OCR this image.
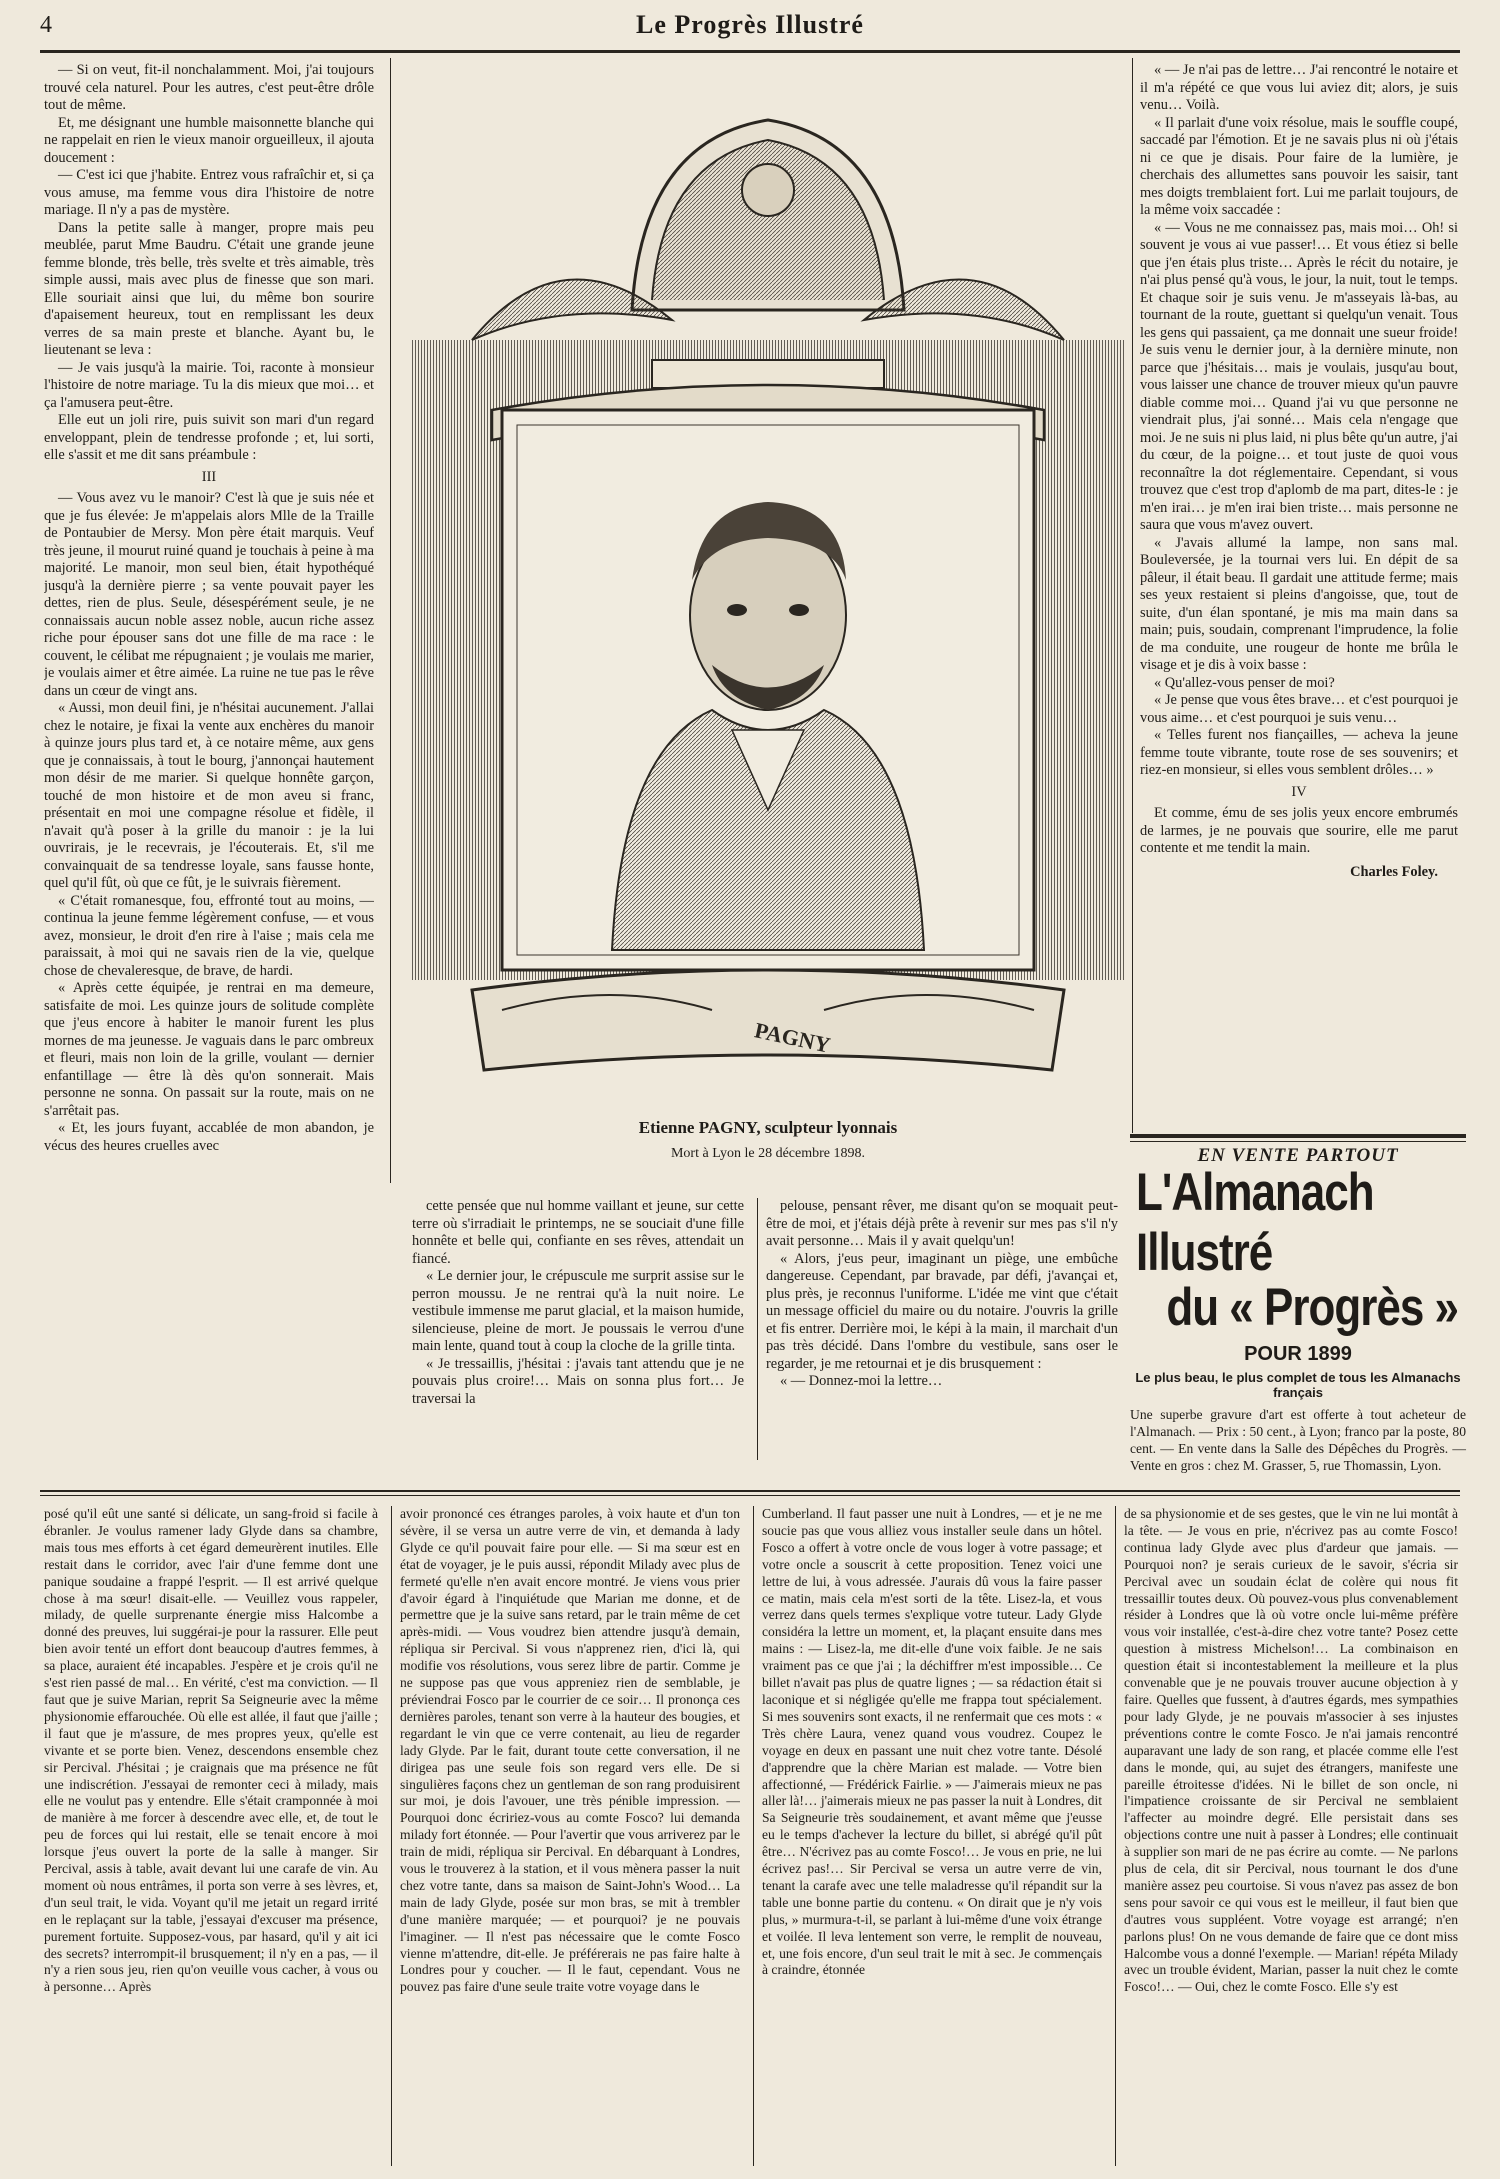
4	Le Progrès Illustré

— Si on veut, fit-il nonchalamment. Moi, j'ai toujours trouvé cela naturel. Pour les autres, c'est peut-être drôle tout de même.

Et, me désignant une humble maisonnette blanche qui ne rappelait en rien le vieux manoir orgueilleux, il ajouta doucement :

— C'est ici que j'habite. Entrez vous rafraîchir et, si ça vous amuse, ma femme vous dira l'histoire de notre mariage. Il n'y a pas de mystère.

Dans la petite salle à manger, propre mais peu meublée, parut Mme Baudru. C'était une grande jeune femme blonde, très belle, très svelte et très aimable, très simple aussi, mais avec plus de finesse que son mari. Elle souriait ainsi que lui, du même bon sourire d'apaisement heureux, tout en remplissant les deux verres de sa main preste et blanche. Ayant bu, le lieutenant se leva :

— Je vais jusqu'à la mairie. Toi, raconte à monsieur l'histoire de notre mariage. Tu la dis mieux que moi… et ça l'amusera peut-être.

Elle eut un joli rire, puis suivit son mari d'un regard enveloppant, plein de tendresse profonde ; et, lui sorti, elle s'assit et me dit sans préambule :

III

— Vous avez vu le manoir? C'est là que je suis née et que je fus élevée: Je m'appelais alors Mlle de la Traille de Pontaubier de Mersy. Mon père était marquis. Veuf très jeune, il mourut ruiné quand je touchais à peine à ma majorité. Le manoir, mon seul bien, était hypothéqué jusqu'à la dernière pierre ; sa vente pouvait payer les dettes, rien de plus. Seule, désespérément seule, je ne connaissais aucun noble assez noble, aucun riche assez riche pour épouser sans dot une fille de ma race : le couvent, le célibat me répugnaient ; je voulais me marier, je voulais aimer et être aimée. La ruine ne tue pas le rêve dans un cœur de vingt ans.

« Aussi, mon deuil fini, je n'hésitai aucunement. J'allai chez le notaire, je fixai la vente aux enchères du manoir à quinze jours plus tard et, à ce notaire même, aux gens que je connaissais, à tout le bourg, j'annonçai hautement mon désir de me marier. Si quelque honnête garçon, touché de mon histoire et de mon aveu si franc, présentait en moi une compagne résolue et fidèle, il n'avait qu'à poser à la grille du manoir : je la lui ouvrirais, je le recevrais, je l'écouterais. Et, s'il me convainquait de sa tendresse loyale, sans fausse honte, quel qu'il fût, où que ce fût, je le suivrais fièrement.

« C'était romanesque, fou, effronté tout au moins, — continua la jeune femme légèrement confuse, — et vous avez, monsieur, le droit d'en rire à l'aise ; mais cela me paraissait, à moi qui ne savais rien de la vie, quelque chose de chevaleresque, de brave, de hardi.

« Après cette équipée, je rentrai en ma demeure, satisfaite de moi. Les quinze jours de solitude complète que j'eus encore à habiter le manoir furent les plus mornes de ma jeunesse. Je vaguais dans le parc ombreux et fleuri, mais non loin de la grille, voulant — dernier enfantillage — être là dès qu'on sonnerait. Mais personne ne sonna. On passait sur la route, mais on ne s'arrêtait pas.

« Et, les jours fuyant, accablée de mon abandon, je vécus des heures cruelles avec

PAGNY
Etienne PAGNY, sculpteur lyonnais
Mort à Lyon le 28 décembre 1898.

cette pensée que nul homme vaillant et jeune, sur cette terre où s'irradiait le printemps, ne se souciait d'une fille honnête et belle qui, confiante en ses rêves, attendait un fiancé.

« Le dernier jour, le crépuscule me surprit assise sur le perron moussu. Je ne rentrai qu'à la nuit noire. Le vestibule immense me parut glacial, et la maison humide, silencieuse, pleine de mort. Je poussais le verrou d'une main lente, quand tout à coup la cloche de la grille tinta.

« Je tressaillis, j'hésitai : j'avais tant attendu que je ne pouvais plus croire!… Mais on sonna plus fort… Je traversai la

pelouse, pensant rêver, me disant qu'on se moquait peut-être de moi, et j'étais déjà prête à revenir sur mes pas s'il n'y avait personne… Mais il y avait quelqu'un!

« Alors, j'eus peur, imaginant un piège, une embûche dangereuse. Cependant, par bravade, par défi, j'avançai et, plus près, je reconnus l'uniforme. L'idée me vint que c'était un message officiel du maire ou du notaire. J'ouvris la grille et fis entrer. Derrière moi, le képi à la main, il marchait d'un pas très décidé. Dans l'ombre du vestibule, sans oser le regarder, je me retournai et je dis brusquement :

« — Donnez-moi la lettre…

« — Je n'ai pas de lettre… J'ai rencontré le notaire et il m'a répété ce que vous lui aviez dit; alors, je suis venu… Voilà.

« Il parlait d'une voix résolue, mais le souffle coupé, saccadé par l'émotion. Et je ne savais plus ni où j'étais ni ce que je disais. Pour faire de la lumière, je cherchais des allumettes sans pouvoir les saisir, tant mes doigts tremblaient fort. Lui me parlait toujours, de la même voix saccadée :

« — Vous ne me connaissez pas, mais moi… Oh! si souvent je vous ai vue passer!… Et vous étiez si belle que j'en étais plus triste… Après le récit du notaire, je n'ai plus pensé qu'à vous, le jour, la nuit, tout le temps. Et chaque soir je suis venu. Je m'asseyais là-bas, au tournant de la route, guettant si quelqu'un venait. Tous les gens qui passaient, ça me donnait une sueur froide! Je suis venu le dernier jour, à la dernière minute, non parce que j'hésitais… mais je voulais, jusqu'au bout, vous laisser une chance de trouver mieux qu'un pauvre diable comme moi… Quand j'ai vu que personne ne viendrait plus, j'ai sonné… Mais cela n'engage que moi. Je ne suis ni plus laid, ni plus bête qu'un autre, j'ai du cœur, de la poigne… et tout juste de quoi vous reconnaître la dot réglementaire. Cependant, si vous trouvez que c'est trop d'aplomb de ma part, dites-le : je m'en irai… je m'en irai bien triste… mais personne ne saura que vous m'avez ouvert.

« J'avais allumé la lampe, non sans mal. Bouleversée, je la tournai vers lui. En dépit de sa pâleur, il était beau. Il gardait une attitude ferme; mais ses yeux restaient si pleins d'angoisse, que, tout de suite, d'un élan spontané, je mis ma main dans sa main; puis, soudain, comprenant l'imprudence, la folie de ma conduite, une rougeur de honte me brûla le visage et je dis à voix basse :

« Qu'allez-vous penser de moi?

« Je pense que vous êtes brave… et c'est pourquoi je vous aime… et c'est pourquoi je suis venu…

« Telles furent nos fiançailles, — acheva la jeune femme toute vibrante, toute rose de ses souvenirs; et riez-en monsieur, si elles vous semblent drôles… »

IV

Et comme, ému de ses jolis yeux encore embrumés de larmes, je ne pouvais que sourire, elle me parut contente et me tendit la main.

Charles Foley.

EN VENTE PARTOUT
L'Almanach Illustré
du « Progrès »
POUR 1899
Le plus beau, le plus complet de tous les Almanachs français
Une superbe gravure d'art est offerte à tout acheteur de l'Almanach. — Prix : 50 cent., à Lyon; franco par la poste, 80 cent. — En vente dans la Salle des Dépêches du Progrès. — Vente en gros : chez M. Grasser, 5, rue Thomassin, Lyon.
posé qu'il eût une santé si délicate, un sang-froid si facile à ébranler. Je voulus ramener lady Glyde dans sa chambre, mais tous mes efforts à cet égard demeurèrent inutiles. Elle restait dans le corridor, avec l'air d'une femme dont une panique soudaine a frappé l'esprit. — Il est arrivé quelque chose à ma sœur! disait-elle. — Veuillez vous rappeler, milady, de quelle surprenante énergie miss Halcombe a donné des preuves, lui suggérai-je pour la rassurer. Elle peut bien avoir tenté un effort dont beaucoup d'autres femmes, à sa place, auraient été incapables. J'espère et je crois qu'il ne s'est rien passé de mal… En vérité, c'est ma conviction. — Il faut que je suive Marian, reprit Sa Seigneurie avec la même physionomie effarouchée. Où elle est allée, il faut que j'aille ; il faut que je m'assure, de mes propres yeux, qu'elle est vivante et se porte bien. Venez, descendons ensemble chez sir Percival. J'hésitai ; je craignais que ma présence ne fût une indiscrétion. J'essayai de remonter ceci à milady, mais elle ne voulut pas y entendre. Elle s'était cramponnée à moi de manière à me forcer à descendre avec elle, et, de tout le peu de forces qui lui restait, elle se tenait encore à moi lorsque j'eus ouvert la porte de la salle à manger. Sir Percival, assis à table, avait devant lui une carafe de vin. Au moment où nous entrâmes, il porta son verre à ses lèvres, et, d'un seul trait, le vida. Voyant qu'il me jetait un regard irrité en le replaçant sur la table, j'essayai d'excuser ma présence, purement fortuite. Supposez-vous, par hasard, qu'il y ait ici des secrets? interrompit-il brusquement; il n'y en a pas, — il n'y a rien sous jeu, rien qu'on veuille vous cacher, à vous ou à personne… Après
avoir prononcé ces étranges paroles, à voix haute et d'un ton sévère, il se versa un autre verre de vin, et demanda à lady Glyde ce qu'il pouvait faire pour elle. — Si ma sœur est en état de voyager, je le puis aussi, répondit Milady avec plus de fermeté qu'elle n'en avait encore montré. Je viens vous prier d'avoir égard à l'inquiétude que Marian me donne, et de permettre que je la suive sans retard, par le train même de cet après-midi. — Vous voudrez bien attendre jusqu'à demain, répliqua sir Percival. Si vous n'apprenez rien, d'ici là, qui modifie vos résolutions, vous serez libre de partir. Comme je ne suppose pas que vous appreniez rien de semblable, je préviendrai Fosco par le courrier de ce soir… Il prononça ces dernières paroles, tenant son verre à la hauteur des bougies, et regardant le vin que ce verre contenait, au lieu de regarder lady Glyde. Par le fait, durant toute cette conversation, il ne dirigea pas une seule fois son regard vers elle. De si singulières façons chez un gentleman de son rang produisirent sur moi, je dois l'avouer, une très pénible impression. — Pourquoi donc écririez-vous au comte Fosco? lui demanda milady fort étonnée. — Pour l'avertir que vous arriverez par le train de midi, répliqua sir Percival. En débarquant à Londres, vous le trouverez à la station, et il vous mènera passer la nuit chez votre tante, dans sa maison de Saint-John's Wood… La main de lady Glyde, posée sur mon bras, se mit à trembler d'une manière marquée; — et pourquoi? je ne pouvais l'imaginer. — Il n'est pas nécessaire que le comte Fosco vienne m'attendre, dit-elle. Je préférerais ne pas faire halte à Londres pour y coucher. — Il le faut, cependant. Vous ne pouvez pas faire d'une seule traite votre voyage dans le
Cumberland. Il faut passer une nuit à Londres, — et je ne me soucie pas que vous alliez vous installer seule dans un hôtel. Fosco a offert à votre oncle de vous loger à votre passage; et votre oncle a souscrit à cette proposition. Tenez voici une lettre de lui, à vous adressée. J'aurais dû vous la faire passer ce matin, mais cela m'est sorti de la tête. Lisez-la, et vous verrez dans quels termes s'explique votre tuteur. Lady Glyde considéra la lettre un moment, et, la plaçant ensuite dans mes mains : — Lisez-la, me dit-elle d'une voix faible. Je ne sais vraiment pas ce que j'ai ; la déchiffrer m'est impossible… Ce billet n'avait pas plus de quatre lignes ; — sa rédaction était si laconique et si négligée qu'elle me frappa tout spécialement. Si mes souvenirs sont exacts, il ne renfermait que ces mots : « Très chère Laura, venez quand vous voudrez. Coupez le voyage en deux en passant une nuit chez votre tante. Désolé d'apprendre que la chère Marian est malade. — Votre bien affectionné, — Frédérick Fairlie. » — J'aimerais mieux ne pas aller là!… j'aimerais mieux ne pas passer la nuit à Londres, dit Sa Seigneurie très soudainement, et avant même que j'eusse eu le temps d'achever la lecture du billet, si abrégé qu'il pût être… N'écrivez pas au comte Fosco!… Je vous en prie, ne lui écrivez pas!… Sir Percival se versa un autre verre de vin, tenant la carafe avec une telle maladresse qu'il répandit sur la table une bonne partie du contenu. « On dirait que je n'y vois plus, » murmura-t-il, se parlant à lui-même d'une voix étrange et voilée. Il leva lentement son verre, le remplit de nouveau, et, une fois encore, d'un seul trait le mit à sec. Je commençais à craindre, étonnée
de sa physionomie et de ses gestes, que le vin ne lui montât à la tête. — Je vous en prie, n'écrivez pas au comte Fosco! continua lady Glyde avec plus d'ardeur que jamais. — Pourquoi non? je serais curieux de le savoir, s'écria sir Percival avec un soudain éclat de colère qui nous fit tressaillir toutes deux. Où pouvez-vous plus convenablement résider à Londres que là où votre oncle lui-même préfère vous voir installée, c'est-à-dire chez votre tante? Posez cette question à mistress Michelson!… La combinaison en question était si incontestablement la meilleure et la plus convenable que je ne pouvais trouver aucune objection à y faire. Quelles que fussent, à d'autres égards, mes sympathies pour lady Glyde, je ne pouvais m'associer à ses injustes préventions contre le comte Fosco. Je n'ai jamais rencontré auparavant une lady de son rang, et placée comme elle l'est dans le monde, qui, au sujet des étrangers, manifeste une pareille étroitesse d'idées. Ni le billet de son oncle, ni l'impatience croissante de sir Percival ne semblaient l'affecter au moindre degré. Elle persistait dans ses objections contre une nuit à passer à Londres; elle continuait à supplier son mari de ne pas écrire au comte. — Ne parlons plus de cela, dit sir Percival, nous tournant le dos d'une manière assez peu courtoise. Si vous n'avez pas assez de bon sens pour savoir ce qui vous est le meilleur, il faut bien que d'autres vous suppléent. Votre voyage est arrangé; n'en parlons plus! On ne vous demande de faire que ce dont miss Halcombe vous a donné l'exemple. — Marian! répéta Milady avec un trouble évident, Marian, passer la nuit chez le comte Fosco!… — Oui, chez le comte Fosco. Elle s'y est
